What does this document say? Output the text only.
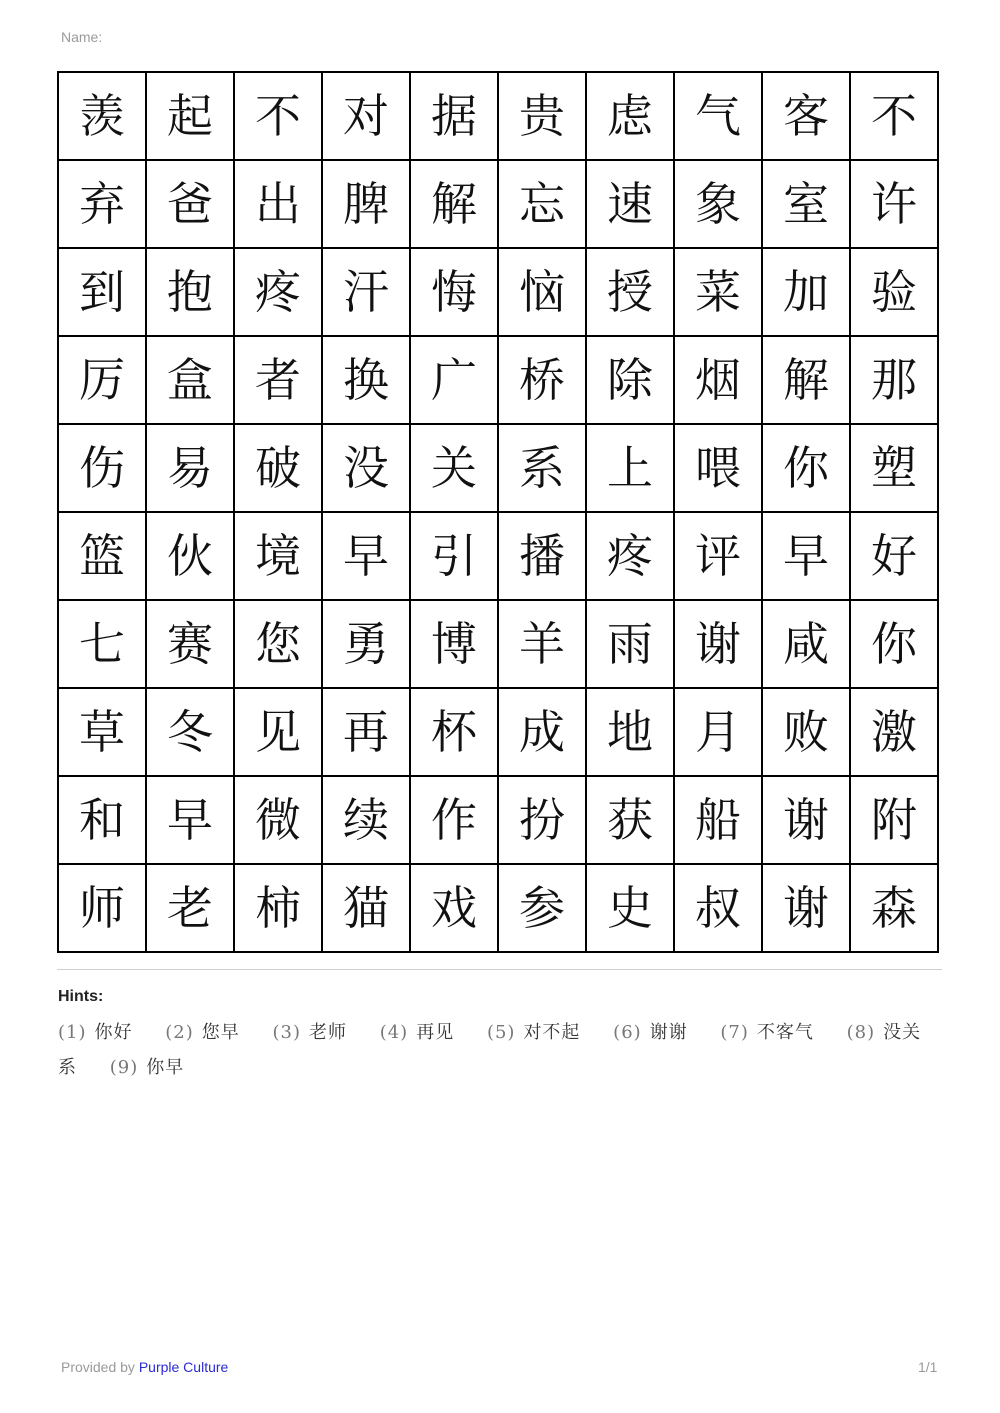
Name:
羡 起 不 对 据 贵 虑 气 客 不
弃 爸 出 脾 解 忘 速 象 室 许
到 抱 疼 汗 悔 恼 授 菜 加 验
厉 盒 者 换 广 桥 除 烟 解 那
伤 易 破 没 关 系 上 喂 你 塑
篮 伙 境 早 引 播 疼 评 早 好
七 赛 您 勇 博 羊 雨 谢 咸 你
草 冬 见 再 杯 成 地 月 败 激
和 早 微 续 作 扮 获 船 谢 附
师 老 柿 猫 戏 参 史 叔 谢 森
Hints:
(1) 你好 (2) 您早 (3) 老师 (4) 再见 (5) 对不起 (6) 谢谢 (7) 不客气 (8) 没关系 (9) 你早
Provided by Purple Culture	1/1
